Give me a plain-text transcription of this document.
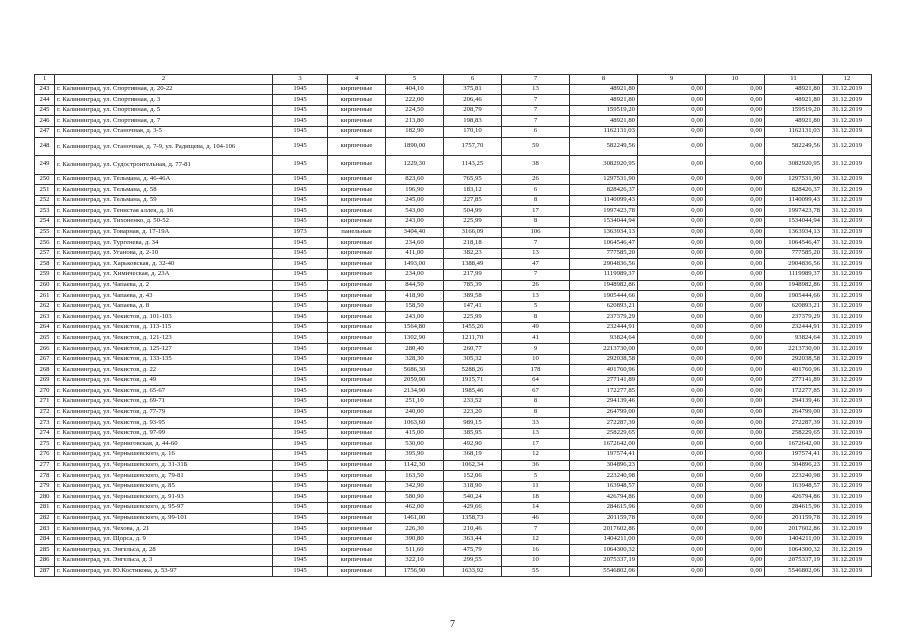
1	2	3	4	5	6	7	8	9	10	11	12
243	г. Калининград, ул. Спортивная, д. 20-22	1945	кирпичные	404,10	375,81	13	48921,80	0,00	0,00	48921,80	31.12.2019
244	г. Калининград, ул. Спортивная, д. 3	1945	кирпичные	222,00	206,46	7	48921,80	0,00	0,00	48921,80	31.12.2019
245	г. Калининград, ул. Спортивная, д. 5	1945	кирпичные	224,50	208,79	7	159519,20	0,00	0,00	159519,20	31.12.2019
246	г. Калининград, ул. Спортивная, д. 7	1945	кирпичные	213,80	198,83	7	48921,80	0,00	0,00	48921,80	31.12.2019
247	г. Калининград, ул. Станочная, д. 3-5	1945	кирпичные	182,90	170,10	6	1162131,03	0,00	0,00	1162131,03	31.12.2019
248	г. Калининград, ул. Станочная, д. 7-9, ул. Радищева, д. 104-106	1945	кирпичные	1890,00	1757,70	59	582249,56	0,00	0,00	582249,56	31.12.2019
249	г. Калининград, ул. Судостроительная, д. 77-81	1945	кирпичные	1229,30	1143,25	38	3082920,95	0,00	0,00	3082920,95	31.12.2019
250	г. Калининград, ул. Тельмана, д. 46-46А	1945	кирпичные	823,60	765,95	26	1297531,90	0,00	0,00	1297531,90	31.12.2019
251	г. Калининград, ул. Тельмана, д. 58	1945	кирпичные	196,90	183,12	6	828426,37	0,00	0,00	828426,37	31.12.2019
252	г. Калининград, ул. Тельмана, д. 59	1945	кирпичные	245,00	227,85	8	1140099,43	0,00	0,00	1140099,43	31.12.2019
253	г. Калининград, ул. Тенистая аллея, д. 16	1945	кирпичные	543,00	504,99	17	1997423,78	0,00	0,00	1997423,78	31.12.2019
254	г. Калининград, ул. Тихоненко, д. 50-52	1945	кирпичные	243,00	225,99	8	1534044,94	0,00	0,00	1534044,94	31.12.2019
255	г. Калининград, ул. Товарная, д. 17-19А	1973	панельные	3404,40	3166,09	106	1363934,13	0,00	0,00	1363934,13	31.12.2019
256	г. Калининград, ул. Тургенева, д. 34	1945	кирпичные	234,60	218,18	7	1064546,47	0,00	0,00	1064546,47	31.12.2019
257	г. Калининград, ул. Уганова, д. 2-10	1945	кирпичные	411,00	382,23	13	777585,20	0,00	0,00	777585,20	31.12.2019
258	г. Калининград, ул. Харьковская, д. 32-40	1945	кирпичные	1493,00	1388,49	47	2904836,56	0,00	0,00	2904836,56	31.12.2019
259	г. Калининград, ул. Химическая, д. 23А	1945	кирпичные	234,00	217,99	7	1119989,37	0,00	0,00	1119989,37	31.12.2019
260	г. Калининград, ул. Чапаева, д. 2	1945	кирпичные	844,50	785,39	26	1948982,86	0,00	0,00	1948982,86	31.12.2019
261	г. Калининград, ул. Чапаева, д. 43	1945	кирпичные	418,90	389,58	13	1905444,66	0,00	0,00	1905444,66	31.12.2019
262	г. Калининград, ул. Чапаева, д. 8	1945	кирпичные	158,50	147,41	5	620893,21	0,00	0,00	620893,21	31.12.2019
263	г. Калининград, ул. Чекистов, д. 101-103	1945	кирпичные	243,00	225,99	8	237379,29	0,00	0,00	237379,29	31.12.2019
264	г. Калининград, ул. Чекистов, д. 113-115	1945	кирпичные	1564,80	1455,26	49	232444,91	0,00	0,00	232444,91	31.12.2019
265	г. Калининград, ул. Чекистов, д. 121-123	1945	кирпичные	1302,90	1211,70	41	93824,64	0,00	0,00	93824,64	31.12.2019
266	г. Калининград, ул. Чекистов, д. 125-127	1945	кирпичные	280,40	260,77	9	2213730,00	0,00	0,00	2213730,00	31.12.2019
267	г. Калининград, ул. Чекистов, д. 133-135	1945	кирпичные	328,30	305,32	10	292038,58	0,00	0,00	292038,58	31.12.2019
268	г. Калининград, ул. Чекистов, д. 22	1945	кирпичные	5686,30	5288,26	178	401760,96	0,00	0,00	401760,96	31.12.2019
269	г. Калининград, ул. Чекистов, д. 49	1945	кирпичные	2059,90	1915,71	64	277141,89	0,00	0,00	277141,89	31.12.2019
270	г. Калининград, ул. Чекистов, д. 65-67	1945	кирпичные	2134,90	1985,46	67	172277,85	0,00	0,00	172277,85	31.12.2019
271	г. Калининград, ул. Чекистов, д. 69-71	1945	кирпичные	251,10	233,52	8	294139,46	0,00	0,00	294139,46	31.12.2019
272	г. Калининград, ул. Чекистов, д. 77-79	1945	кирпичные	240,00	223,20	8	264799,00	0,00	0,00	264799,00	31.12.2019
273	г. Калининград, ул. Чекистов, д. 93-95	1945	кирпичные	1063,60	989,15	33	272287,39	0,00	0,00	272287,39	31.12.2019
274	г. Калининград, ул. Чекистов, д. 97-99	1945	кирпичные	415,00	385,95	13	258229,65	0,00	0,00	258229,65	31.12.2019
275	г. Калининград, ул. Черниговская, д. 44-60	1945	кирпичные	530,00	492,90	17	1672642,00	0,00	0,00	1672642,00	31.12.2019
276	г. Калининград, ул. Чернышевского, д. 16	1945	кирпичные	395,90	368,19	12	197574,41	0,00	0,00	197574,41	31.12.2019
277	г. Калининград, ул. Чернышевского, д. 31-31Б	1945	кирпичные	1142,30	1062,34	36	304896,23	0,00	0,00	304896,23	31.12.2019
278	г. Калининград, ул. Чернышевского, д. 79-81	1945	кирпичные	163,50	152,06	5	223240,98	0,00	0,00	223240,98	31.12.2019
279	г. Калининград, ул. Чернышевского, д. 85	1945	кирпичные	342,90	318,90	11	163948,57	0,00	0,00	163948,57	31.12.2019
280	г. Калининград, ул. Чернышевского, д. 91-93	1945	кирпичные	580,90	540,24	18	426794,86	0,00	0,00	426794,86	31.12.2019
281	г. Калининград, ул. Чернышевского, д. 95-97	1945	кирпичные	462,00	429,66	14	284615,96	0,00	0,00	284615,96	31.12.2019
282	г. Калининград, ул. Чернышевского, д. 99-101	1945	кирпичные	1461,00	1358,73	46	201159,78	0,00	0,00	201159,78	31.12.2019
283	г. Калининград, ул. Чехова, д. 21	1945	кирпичные	226,30	210,46	7	2017602,86	0,00	0,00	2017602,86	31.12.2019
284	г. Калининград, ул. Щорса, д. 9	1945	кирпичные	390,80	363,44	12	1404211,00	0,00	0,00	1404211,00	31.12.2019
285	г. Калининград, ул. Энгельса, д. 28	1945	кирпичные	511,60	475,79	16	1064300,32	0,00	0,00	1064300,32	31.12.2019
286	г. Калининград, ул. Энгельса, д. 3	1945	кирпичные	322,10	299,55	10	2075337,19	0,00	0,00	2075337,19	31.12.2019
287	г. Калининград, ул. Ю.Костикова, д. 53-97	1945	кирпичные	1756,90	1633,92	55	5546802,06	0,00	0,00	5546802,06	31.12.2019
7
